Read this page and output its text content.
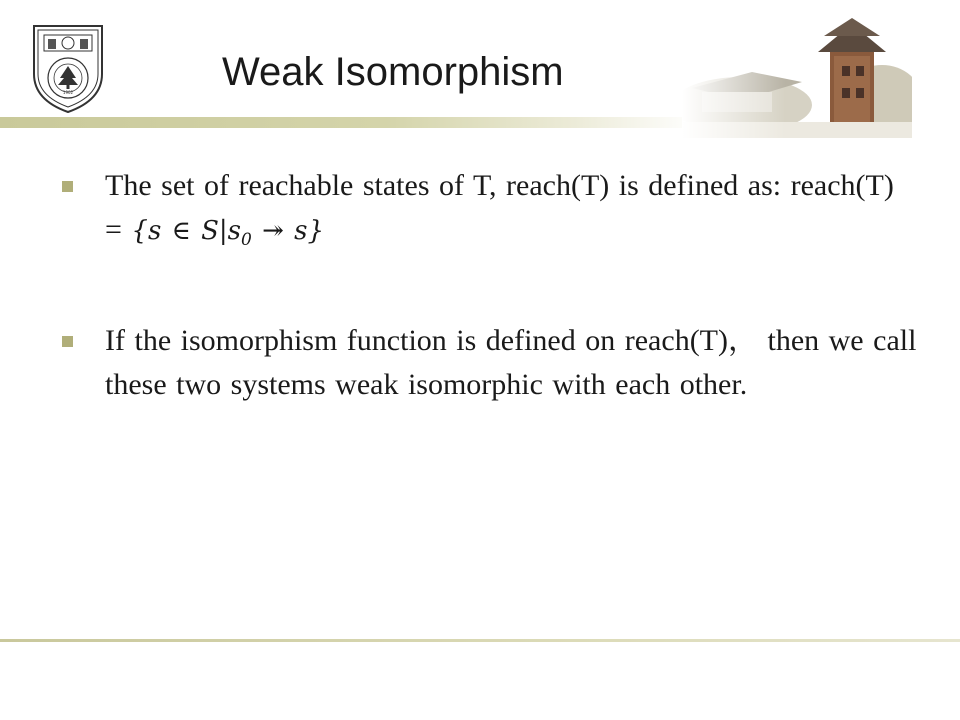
1902	Weak Isomorphism
The set of reachable states of T, reach(T) is defined as: reach(T) = {s ∈ $S|s_0$ ↠ s}
If the isomorphism function is defined on reach(T)， then we call these two systems weak isomorphic with each other.
